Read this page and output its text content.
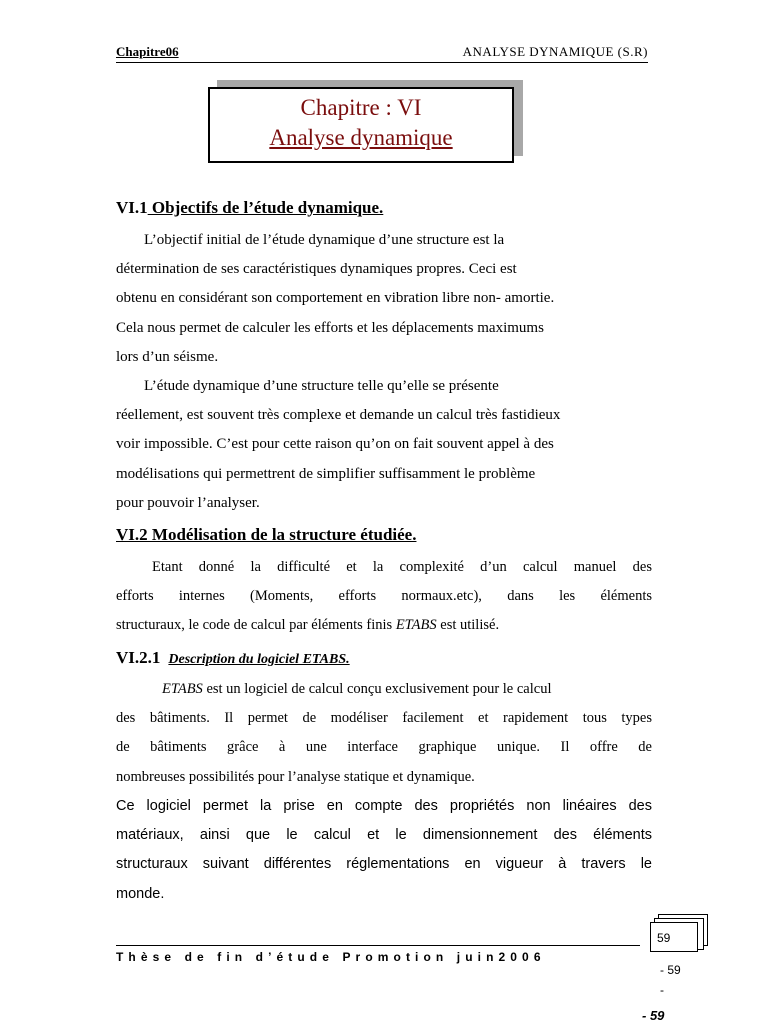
Chapitre06	ANALYSE DYNAMIQUE (S.R)
Chapitre : VI
Analyse dynamique
VI.1 Objectifs de l’étude dynamique.
L’objectif initial de l’étude dynamique d’une structure est la
détermination de ses caractéristiques dynamiques propres. Ceci est
obtenu en considérant son comportement en vibration libre non- amortie.
Cela nous permet de calculer les efforts et les déplacements maximums
lors d’un séisme.
L’étude dynamique d’une structure telle qu’elle se présente
réellement, est souvent très complexe et demande un calcul très fastidieux
voir impossible. C’est pour cette raison qu’on on fait souvent appel à des
modélisations qui permettrent de simplifier suffisamment le problème
pour pouvoir l’analyser.
VI.2 Modélisation de la structure étudiée.
Etant donné la difficulté et la complexité d’un calcul manuel des
efforts internes (Moments, efforts normaux.etc), dans les éléments
structuraux, le code de calcul par éléments finis ETABS est utilisé.
VI.2.1 Description du logiciel ETABS.
ETABS est un logiciel de calcul conçu exclusivement pour le calcul
des bâtiments. Il permet de modéliser facilement et rapidement tous types
de bâtiments grâce à une interface graphique unique. Il offre de
nombreuses possibilités pour l’analyse statique et dynamique.
Ce logiciel permet la prise en compte des propriétés non linéaires des
matériaux, ainsi que le calcul et le dimensionnement des éléments
structuraux suivant différentes réglementations en vigueur à travers le
monde.
Thèse de fin d’étude Promotion juin2006
59
- 59
-
- 59
